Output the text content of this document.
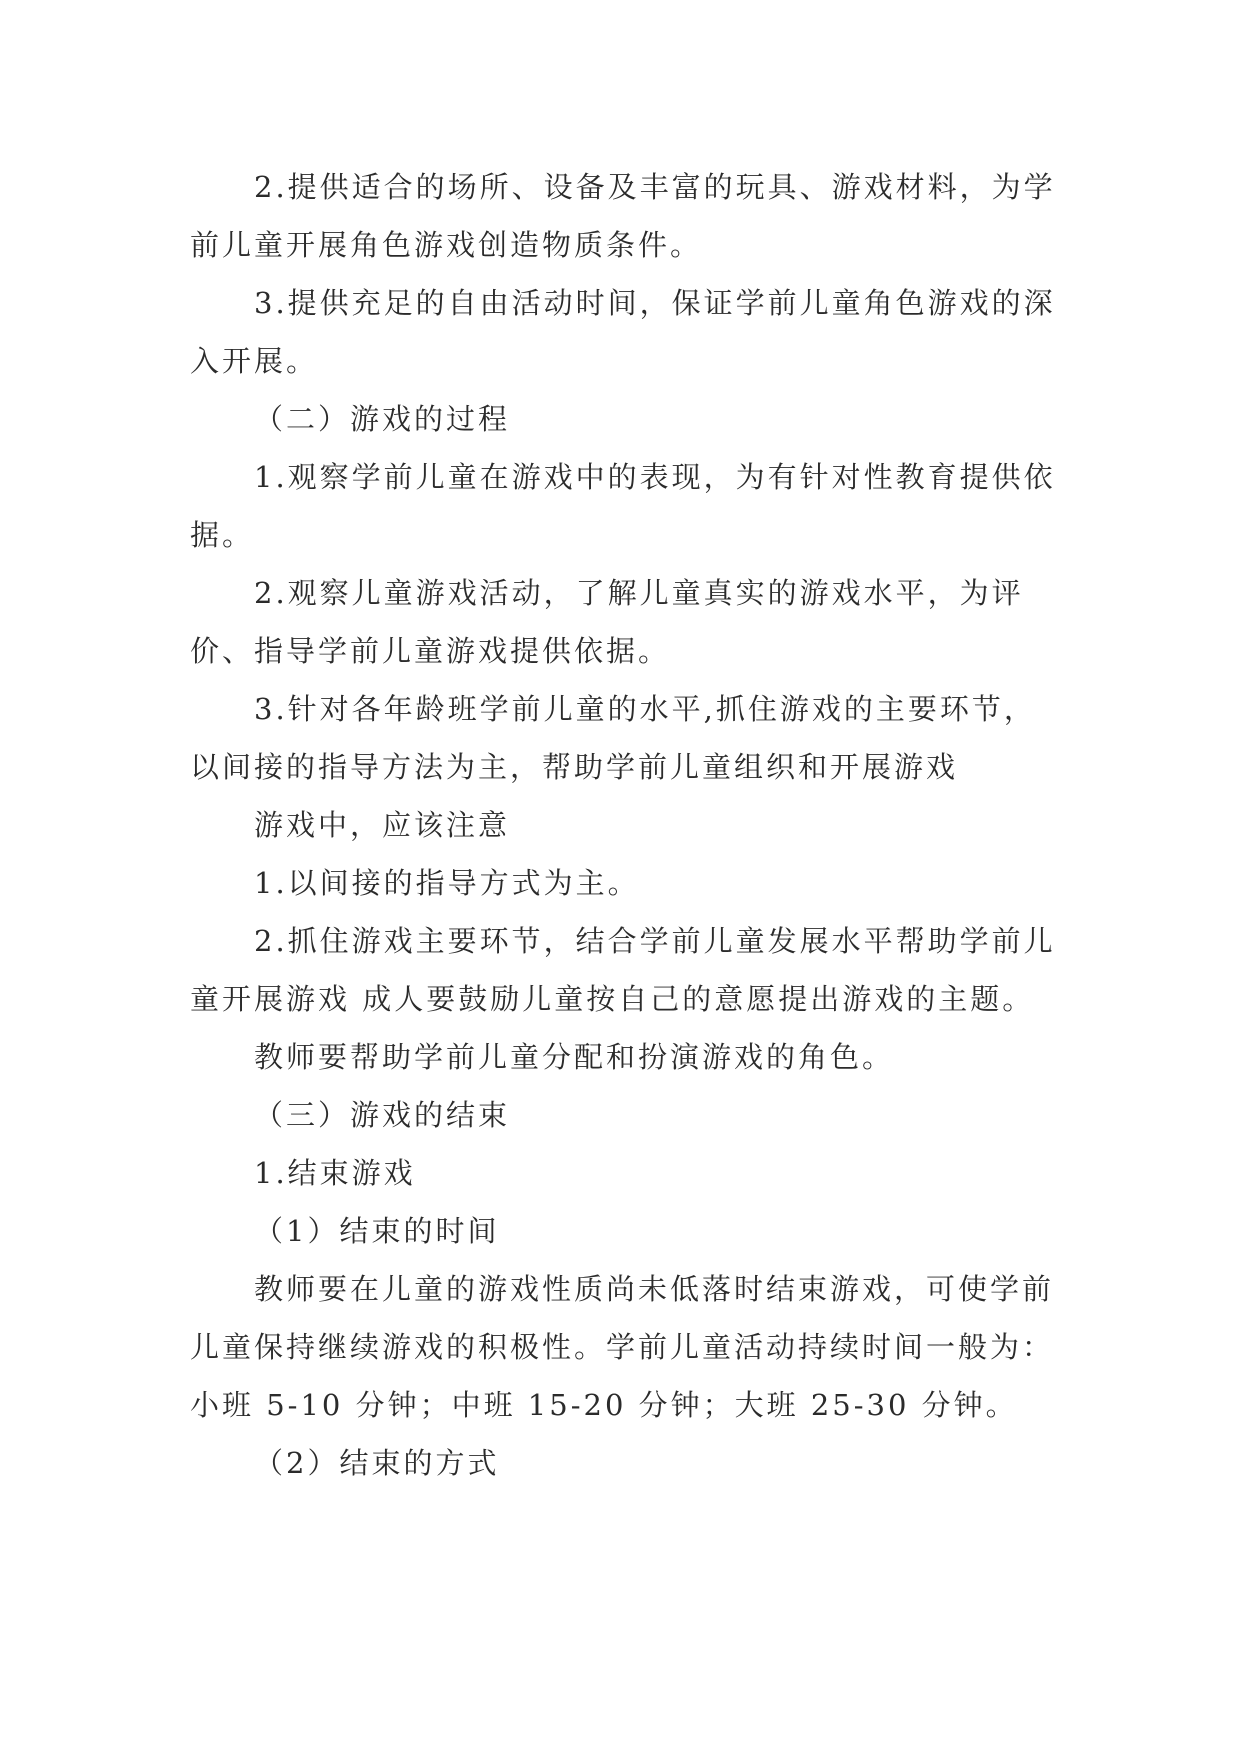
2.提供适合的场所、设备及丰富的玩具、游戏材料，为学前儿童开展角色游戏创造物质条件。

3.提供充足的自由活动时间，保证学前儿童角色游戏的深入开展。

（二）游戏的过程

1.观察学前儿童在游戏中的表现，为有针对性教育提供依据。

2.观察儿童游戏活动，了解儿童真实的游戏水平，为评价、指导学前儿童游戏提供依据。

3.针对各年龄班学前儿童的水平,抓住游戏的主要环节，以间接的指导方法为主，帮助学前儿童组织和开展游戏

游戏中，应该注意

1.以间接的指导方式为主。

2.抓住游戏主要环节，结合学前儿童发展水平帮助学前儿童开展游戏 成人要鼓励儿童按自己的意愿提出游戏的主题。

教师要帮助学前儿童分配和扮演游戏的角色。

（三）游戏的结束

1.结束游戏

（1）结束的时间

教师要在儿童的游戏性质尚未低落时结束游戏，可使学前儿童保持继续游戏的积极性。学前儿童活动持续时间一般为：小班 5-10 分钟；中班 15-20 分钟；大班 25-30 分钟。

（2）结束的方式
